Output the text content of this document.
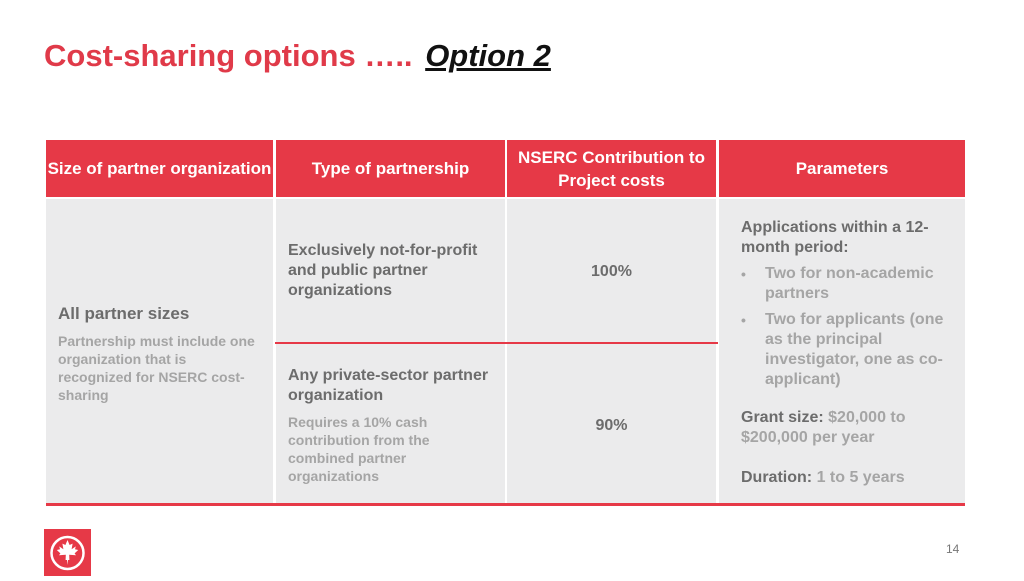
Cost-sharing options ….. Option 2
Size of partner organization	Type of partnership
NSERC Contribution to Project costs
Parameters
All partner sizes
Partnership must include one organization that is recognized for NSERC cost-sharing
Exclusively not-for-profit and public partner organizations
100%
Any private-sector partner organization
Requires a 10% cash contribution from the combined partner organizations
90%
Applications within a 12-month period:
• Two for non-academic partners
• Two for applicants (one as the principal investigator, one as co-applicant)
Grant size: $20,000 to $200,000 per year
Duration: 1 to 5 years
14
